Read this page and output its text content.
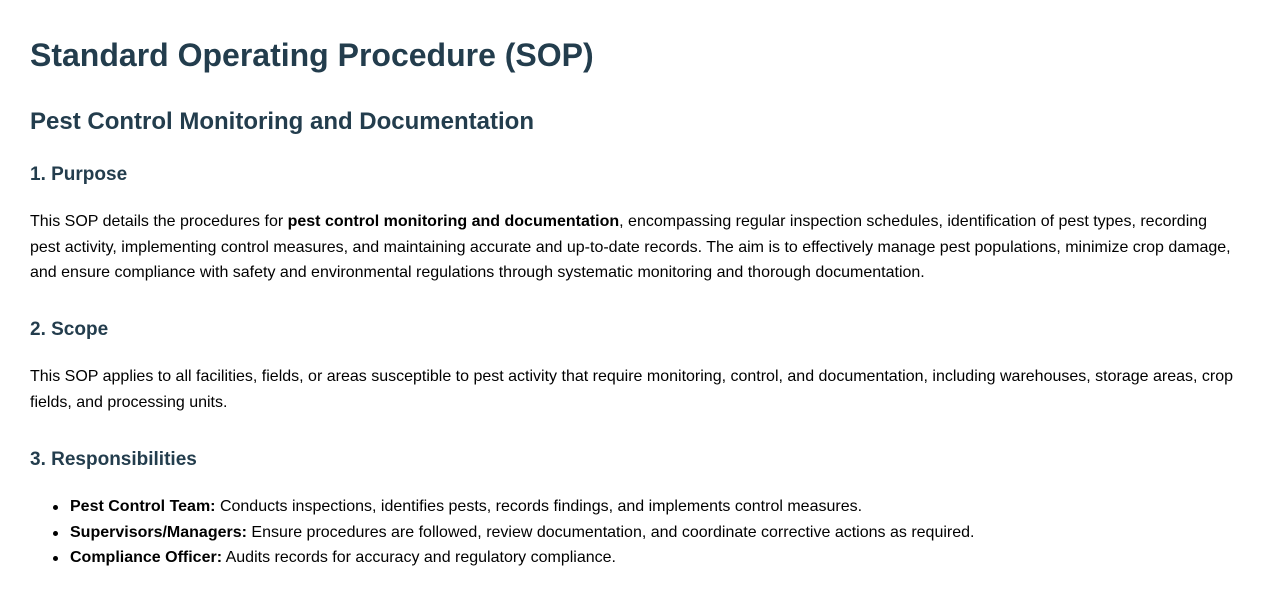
Standard Operating Procedure (SOP)
Pest Control Monitoring and Documentation
1. Purpose

This SOP details the procedures for pest control monitoring and documentation, encompassing regular inspection schedules, identification of pest types, recording pest activity, implementing control measures, and maintaining accurate and up-to-date records. The aim is to effectively manage pest populations, minimize crop damage, and ensure compliance with safety and environmental regulations through systematic monitoring and thorough documentation.

2. Scope

This SOP applies to all facilities, fields, or areas susceptible to pest activity that require monitoring, control, and documentation, including warehouses, storage areas, crop fields, and processing units.

3. Responsibilities
Pest Control Team: Conducts inspections, identifies pests, records findings, and implements control measures.
Supervisors/Managers: Ensure procedures are followed, review documentation, and coordinate corrective actions as required.
Compliance Officer: Audits records for accuracy and regulatory compliance.
